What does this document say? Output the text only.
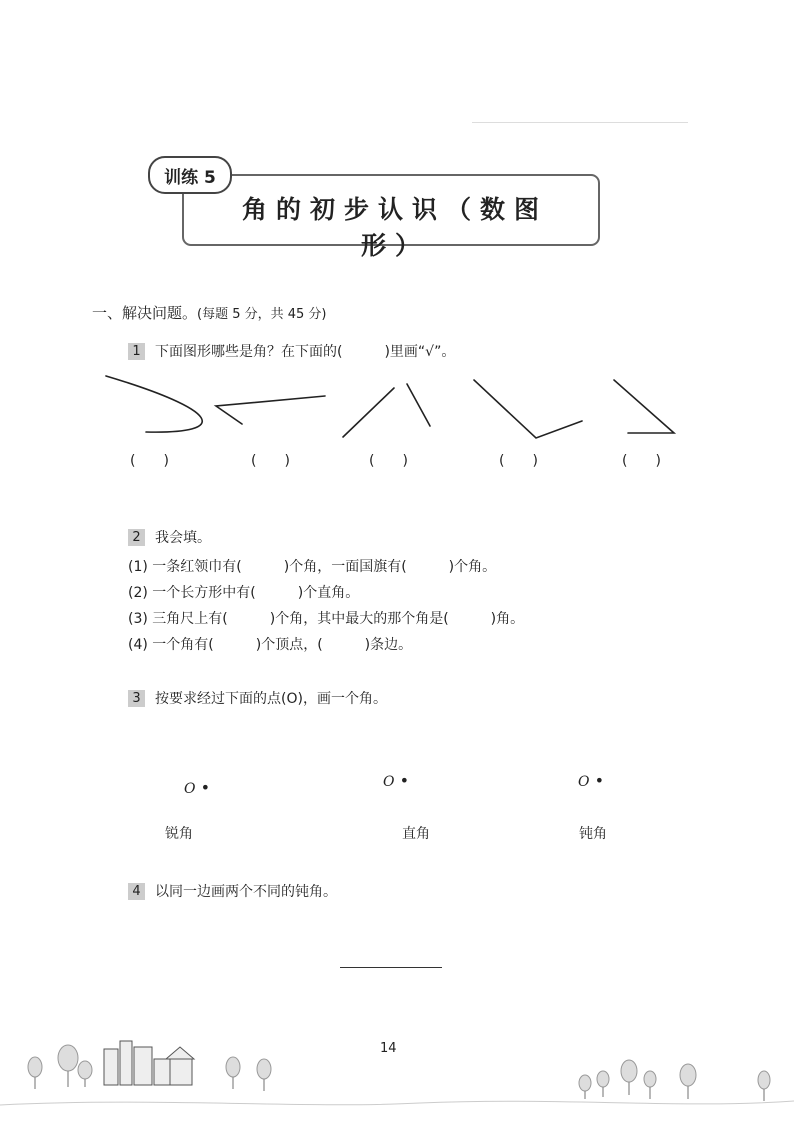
训练 5
角的初步认识（数图形）
一、解决问题。(每题 5 分，共 45 分)
1 下面图形哪些是角？在下面的(　　　)里画“√”。
(　　)	(　　)	(　　)	(　　)	(　　)
2 我会填。
(1) 一条红领巾有(　　　)个角，一面国旗有(　　　)个角。
(2) 一个长方形中有(　　　)个直角。
(3) 三角尺上有(　　　)个角，其中最大的那个角是(　　　)角。
(4) 一个角有(　　　)个顶点，(　　　)条边。
3 按要求经过下面的点(O)，画一个角。
O •	O •	O •
锐角	直角	钝角
4 以同一边画两个不同的钝角。
14
